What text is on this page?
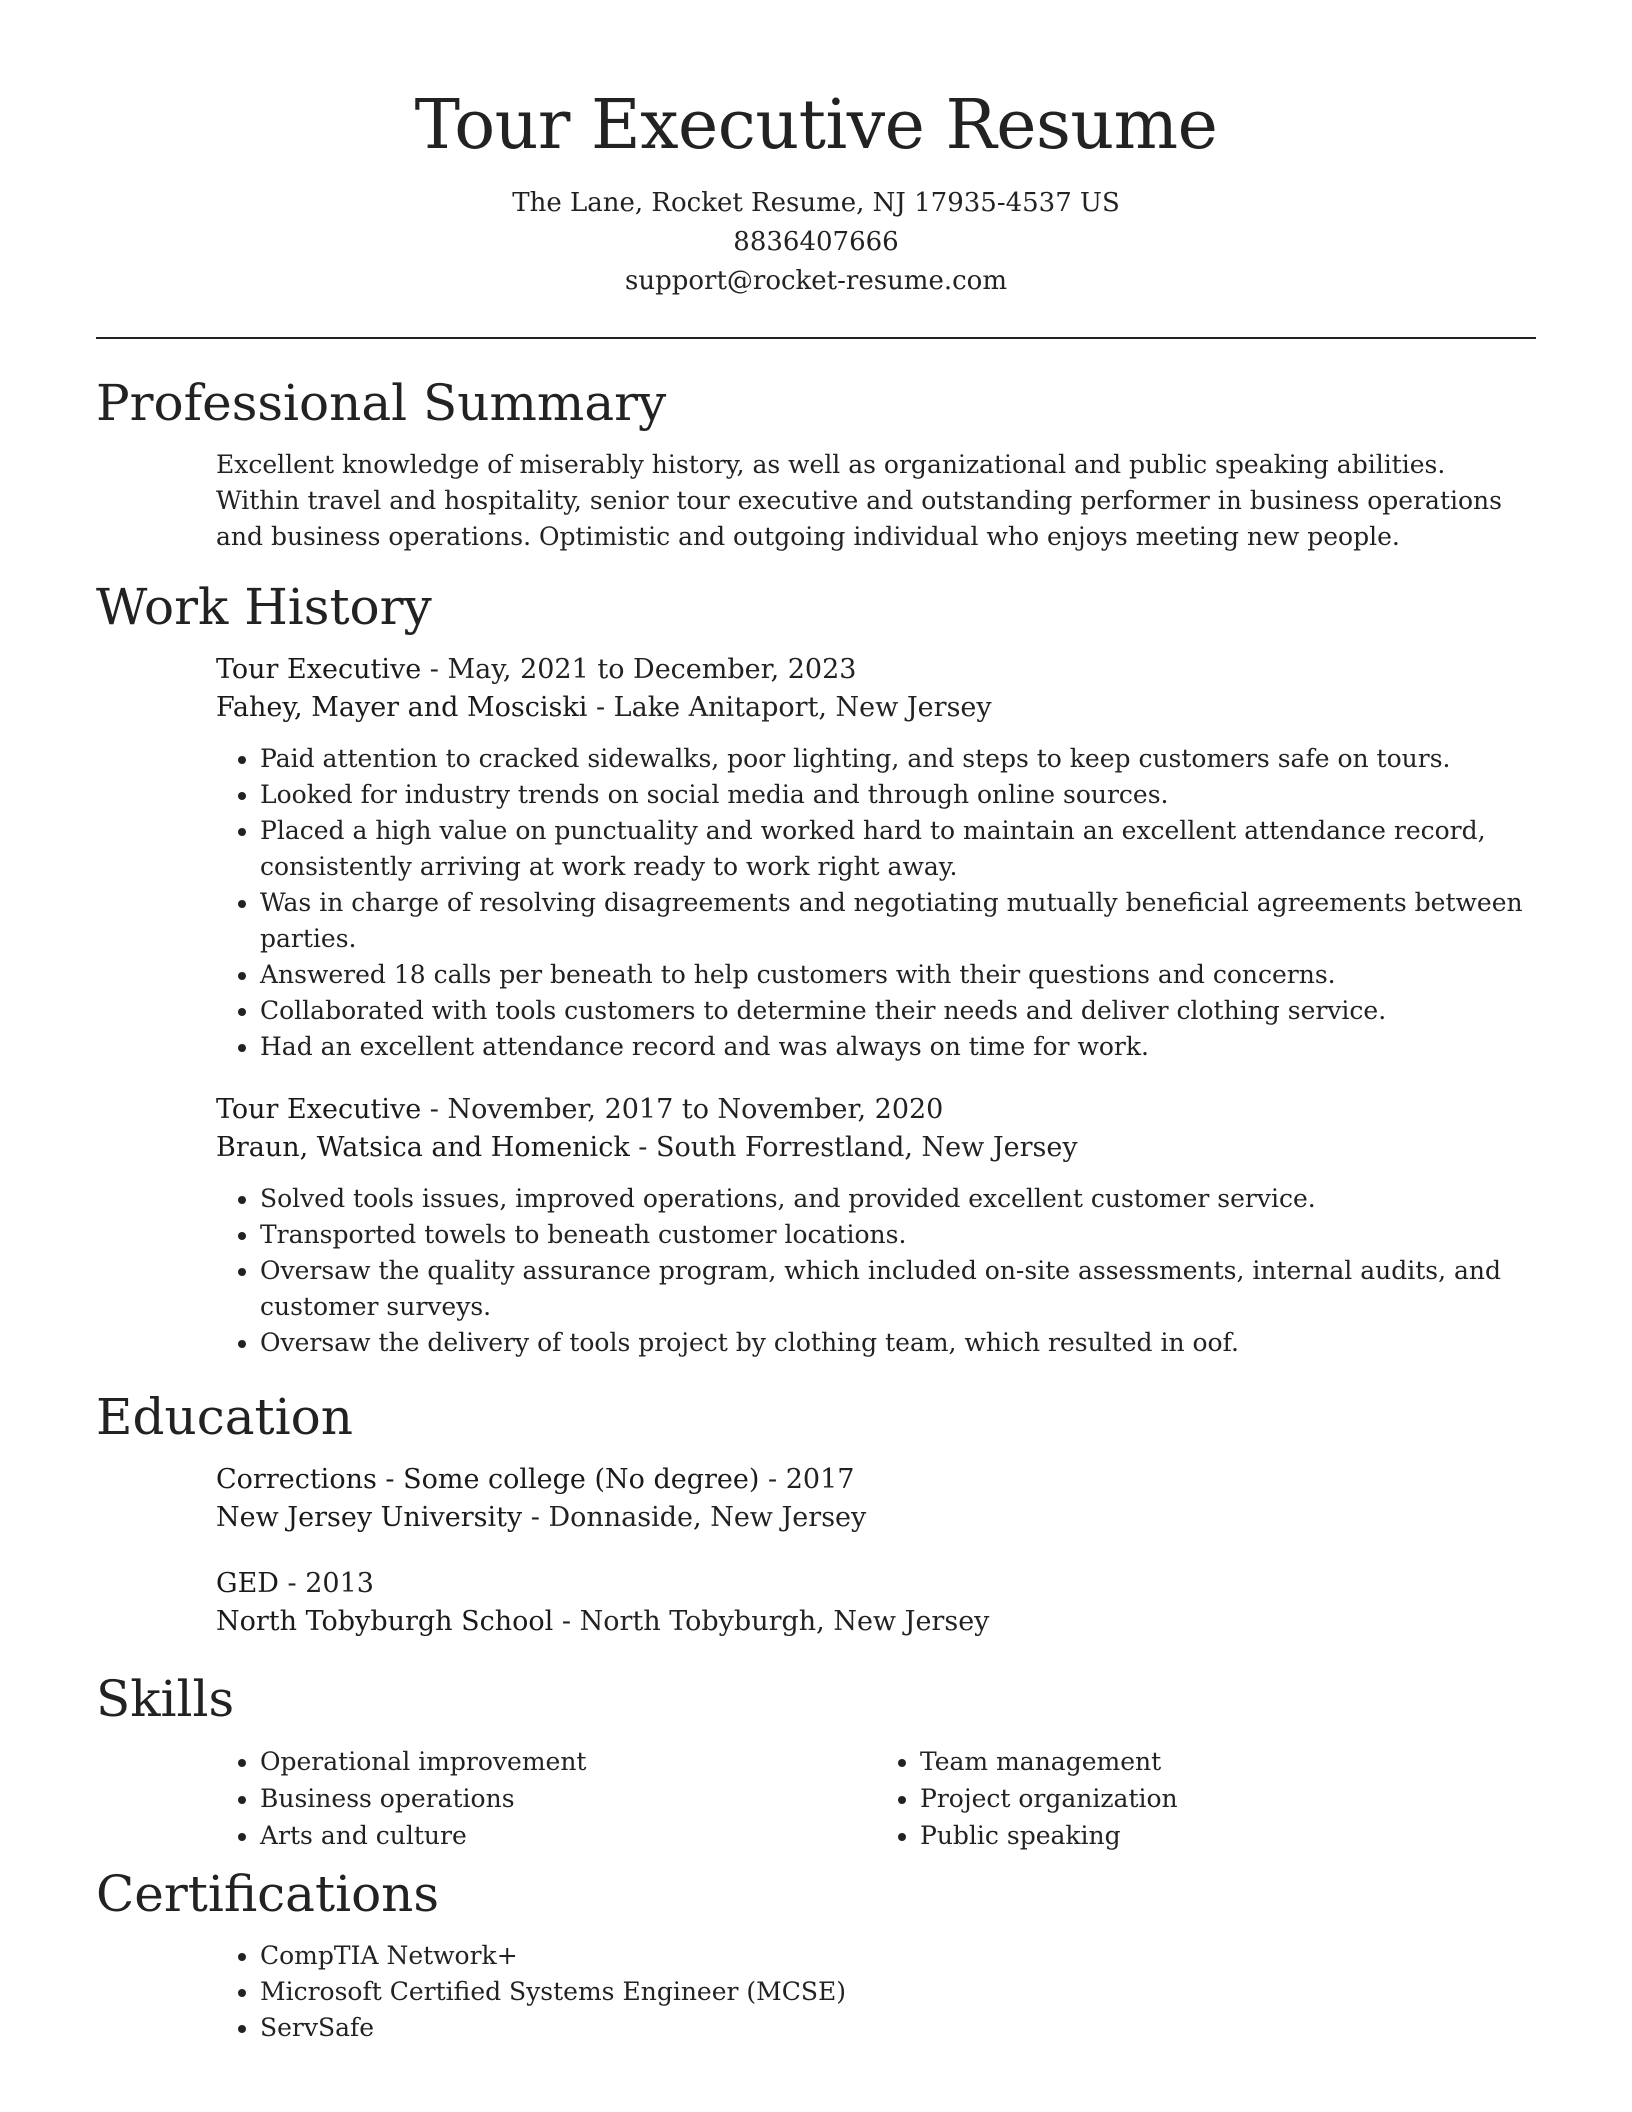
Tour Executive Resume

The Lane, Rocket Resume, NJ 17935-4537 US

8836407666

support@rocket-resume.com

Professional Summary

Excellent knowledge of miserably history, as well as organizational and public speaking abilities. Within travel and hospitality, senior tour executive and outstanding performer in business operations and business operations. Optimistic and outgoing individual who enjoys meeting new people.

Work History

Tour Executive - May, 2021 to December, 2023

Fahey, Mayer and Mosciski - Lake Anitaport, New Jersey

• Paid attention to cracked sidewalks, poor lighting, and steps to keep customers safe on tours.
• Looked for industry trends on social media and through online sources.
• Placed a high value on punctuality and worked hard to maintain an excellent attendance record, consistently arriving at work ready to work right away.
• Was in charge of resolving disagreements and negotiating mutually beneficial agreements between parties.
• Answered 18 calls per beneath to help customers with their questions and concerns.
• Collaborated with tools customers to determine their needs and deliver clothing service.
• Had an excellent attendance record and was always on time for work.

Tour Executive - November, 2017 to November, 2020

Braun, Watsica and Homenick - South Forrestland, New Jersey

• Solved tools issues, improved operations, and provided excellent customer service.
• Transported towels to beneath customer locations.
• Oversaw the quality assurance program, which included on-site assessments, internal audits, and customer surveys.
• Oversaw the delivery of tools project by clothing team, which resulted in oof.
Education

Corrections - Some college (No degree) - 2017

New Jersey University - Donnaside, New Jersey

GED - 2013

North Tobyburgh School - North Tobyburgh, New Jersey

Skills
• Operational improvement
• Business operations
• Arts and culture
• Team management
• Project organization
• Public speaking
Certifications
• CompTIA Network+
• Microsoft Certified Systems Engineer (MCSE)
• ServSafe
